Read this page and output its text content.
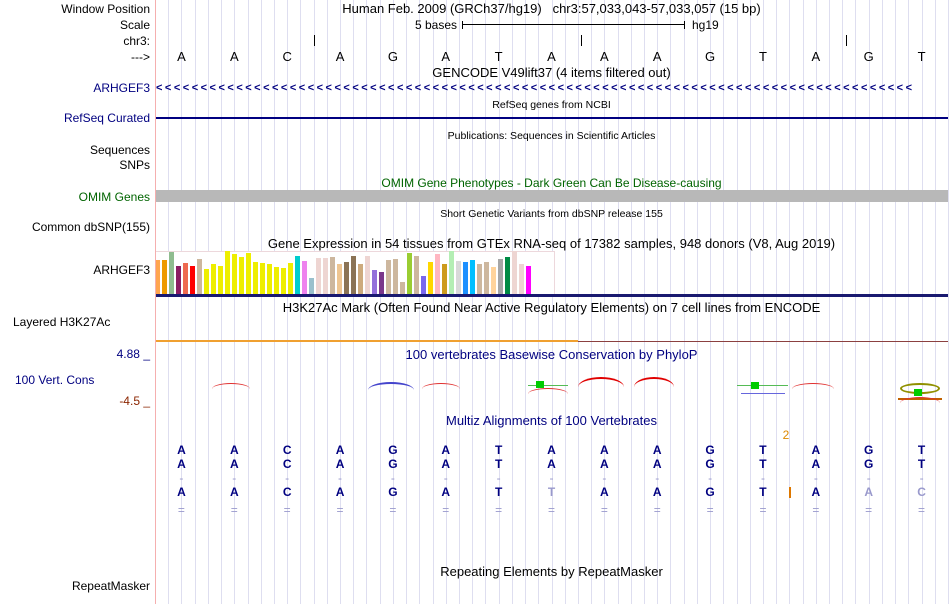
Window Position	Human Feb. 2009 (GRCh37/hg19) chr3:57,033,043-57,033,057 (15 bp)
Scale	5 bases	hg19
chr3:
---> A	A	C	A	G	A	T	A	A	A	G	T	A	G	T
GENCODE V49lift37 (4 items filtered out)
ARHGEF3 <<<<<<<<<<<<<<<<<<<<<<<<<<<<<<<<<<<<<<<<<<<<<<<<<<<<<<<<<<<<<<<<<<<<<<<<<<<<<<<<<<<<<
RefSeq genes from NCBI
RefSeq Curated
Publications: Sequences in Scientific Articles
Sequences
SNPs
OMIM Gene Phenotypes - Dark Green Can Be Disease-causing
OMIM Genes
Short Genetic Variants from dbSNP release 155
Common dbSNP(155)
Gene Expression in 54 tissues from GTEx RNA-seq of 17382 samples, 948 donors (V8, Aug 2019)
ARHGEF3
H3K27Ac Mark (Often Found Near Active Regulatory Elements) on 7 cell lines from ENCODE
Layered H3K27Ac
100 vertebrates Basewise Conservation by PhyloP
4.88 _
100 Vert. Cons
-4.5 _
Multiz Alignments of 100 Vertebrates
2
A	A	C	A	G	A	T	A	A	A	G	T	A	G	T
A	A	C	A	G	A	T	A	A	A	G	T	A	G	T
-	-	-	-	-	-	-	-	-	-	-	-	-	-	-
A	A	C	A	G	A	T	T	A	A	G	T	A	A	C
=	=	=	=	=	=	=	=	=	=	=	=	=	=	=
Repeating Elements by RepeatMasker
RepeatMasker
